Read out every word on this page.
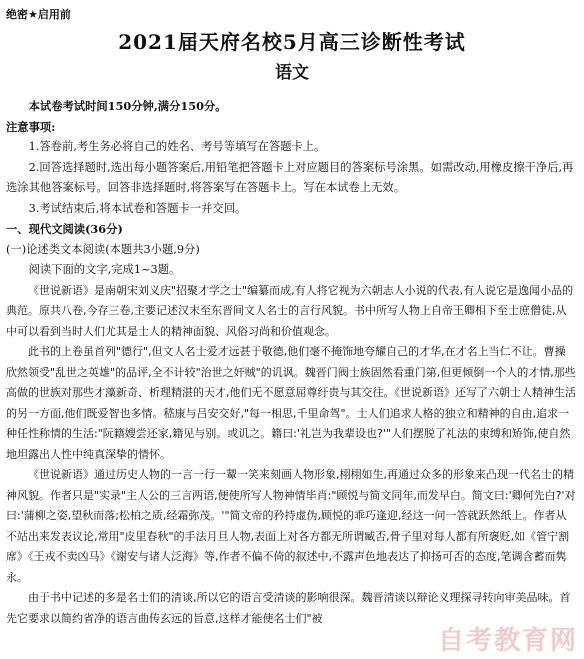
绝密★启用前
2021届天府名校5月高三诊断性考试
语文

本试卷考试时间150分钟,满分150分。

注意事项:

1.答卷前,考生务必将自己的姓名、考号等填写在答题卡上。

2.回答选择题时,选出每小题答案后,用铅笔把答题卡上对应题目的答案标号涂黑。如需改动,用橡皮擦干净后,再选涂其他答案标号。回答非选择题时,将答案写在答题卡上。写在本试卷上无效。

3.考试结束后,将本试卷和答题卡一并交回。

一、现代文阅读(36分)

(一)论述类文本阅读(本题共3小题,9分)

阅读下面的文字,完成1~3题。

《世说新语》是南朝宋刘义庆"招聚才学之士"编纂而成,有人将它视为六朝志人小说的代表,有人说它是逸闻小品的典范。原共八卷,今存三卷,主要记述汉末至东晋间文人名士的言行风貌。书中所写人物上自帝王卿相下至士庶僧徒,从中可以看到当时人们尤其是士人的精神面貌、风俗习尚和价值观念。

此书的上卷虽首列"德行",但文人名士爱才远甚于敬德,他们毫不掩饰地夸耀自己的才华,在才名上当仁不让。曹操欣然领受"乱世之英雄"的品评,全不计较"治世之奸贼"的讥讽。魏晋门阀士族固然看重门第,但更倾倒一个人的才情,那些高做的世族对那些才藻新奇、析理精湛的天才,他们无不愿意屈尊纡贵与其交往。《世说新语》还写了六朝士人精神生活的另一方面,他们既爱智也多情。嵇康与吕安交好,"每一相思,千里命驾"。士人们追求人格的独立和精神的自由,追求一种任性称情的生活:"阮籍嫂尝还家,籍见与别。或讥之。籍曰:'礼岂为我辈设也?'"人们摆脱了礼法的束缚和矫饰,使自然地坦露出人性中纯真深挚的情怀。

《世说新语》通过历史人物的一言一行一颦一笑来刻画人物形象,栩栩如生,再通过众多的形象来凸现一代名士的精神风貌。作者只是"实录"主人公的三言两语,便使所写人物神情毕肖:"顾悦与简文同年,而发早白。简文曰:'卿何先白?'对曰:'蒲柳之姿,望秋而落;松柏之质,经霜弥茂。'"简文帝的矜持虚伪,顾悦的乖巧逢迎,经这一问一答就跃然纸上。作者从不站出来发表议论,常用"皮里春秋"的手法月旦人物,表面上对各方都无所谓臧否,骨子里对每人都有所褒贬,如《管宁割席》《王戎不卖凶马》《谢安与诸人泛海》等,作者不偏不倚的叙述中,不露声色地表达了抑扬可否的态度,笔调含蓄而隽永。

由于书中记述的多是名士们的清谈,所以它的语言受清谈的影响很深。魏晋清谈以辩论义理探寻转向审美品味。首先它要求以简约省净的语言曲传玄远的旨意,这样才能使名士们"被

自考教育网
